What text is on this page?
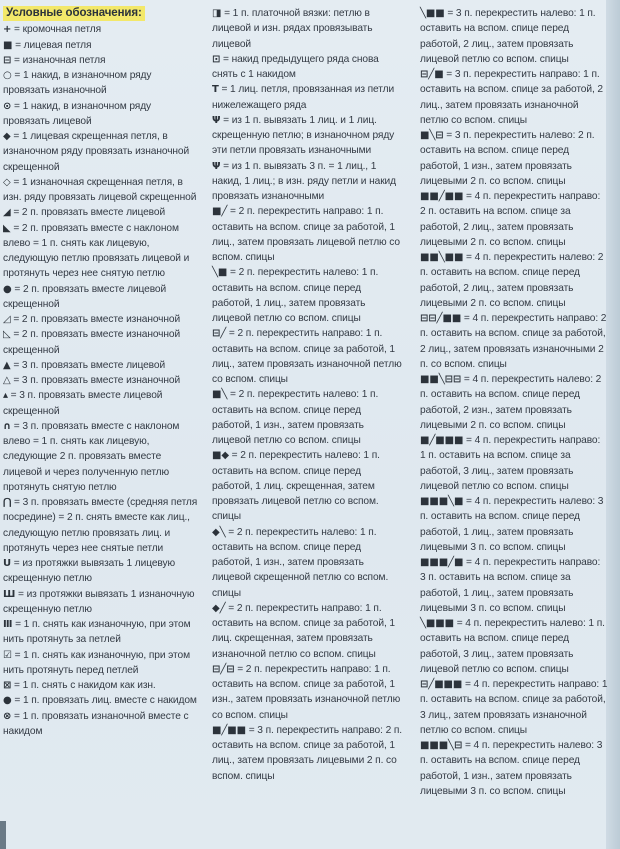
Условные обозначения:

+ = кромочная петля

■ = лицевая петля

⊟ = изнаночная петля

○ = 1 накид, в изнаночном ряду провязать изнаночной

⊙ = 1 накид, в изнаночном ряду провязать лицевой

◆ = 1 лицевая скрещенная петля, в изнаночном ряду провязать изнаночной скрещенной

◇ = 1 изнаночная скрещенная петля, в изн. ряду провязать лицевой скрещенной

◢ = 2 п. провязать вместе лицевой

◣ = 2 п. провязать вместе с наклоном влево = 1 п. снять как лицевую, следующую петлю провязать лицевой и протянуть через нее снятую петлю

● = 2 п. провязать вместе лицевой скрещенной

◿ = 2 п. провязать вместе изнаночной

◺ = 2 п. провязать вместе изнаночной скрещенной

▲ = 3 п. провязать вместе лицевой

△ = 3 п. провязать вместе изнаночной

▴ = 3 п. провязать вместе лицевой скрещенной

∩ = 3 п. провязать вместе с наклоном влево = 1 п. снять как лицевую, следующие 2 п. провязать вместе лицевой и через полученную петлю протянуть снятую петлю

⋂ = 3 п. провязать вместе (средняя петля посредине) = 2 п. снять вместе как лиц., следующую петлю провязать лиц. и протянуть через нее снятые петли

U = из протяжки вывязать 1 лицевую скрещенную петлю

Ш = из протяжки вывязать 1 изнаночную скрещенную петлю

Ⅲ = 1 п. снять как изнаночную, при этом нить протянуть за петлей

☑ = 1 п. снять как изнаночную, при этом нить протянуть перед петлей

⊠ = 1 п. снять с накидом как изн.

● = 1 п. провязать лиц. вместе с накидом

⊗ = 1 п. провязать изнаночной вместе с накидом

◨ = 1 п. платочной вязки: петлю в лицевой и изн. рядах провязывать лицевой

⊡ = накид предыдущего ряда снова снять с 1 накидом

T = 1 лиц. петля, провязанная из петли нижележащего ряда

Ψ = из 1 п. вывязать 1 лиц. и 1 лиц. скрещенную петлю; в изнаночном ряду эти петли провязать изнаночными

Ψ = из 1 п. вывязать 3 п. = 1 лиц., 1 накид, 1 лиц.; в изн. ряду петли и накид провязать изнаночными

■╱ = 2 п. перекрестить направо: 1 п. оставить на вспом. спице за работой, 1 лиц., затем провязать лицевой петлю со вспом. спицы

╲■ = 2 п. перекрестить налево: 1 п. оставить на вспом. спице перед работой, 1 лиц., затем провязать лицевой петлю со вспом. спицы

⊟╱ = 2 п. перекрестить направо: 1 п. оставить на вспом. спице за работой, 1 лиц., затем провязать изнаночной петлю со вспом. спицы

■╲ = 2 п. перекрестить налево: 1 п. оставить на вспом. спице перед работой, 1 изн., затем провязать лицевой петлю со вспом. спицы

■◆ = 2 п. перекрестить налево: 1 п. оставить на вспом. спице перед работой, 1 лиц. скрещенная, затем провязать лицевой петлю со вспом. спицы

◆╲ = 2 п. перекрестить налево: 1 п. оставить на вспом. спице перед работой, 1 изн., затем провязать лицевой скрещенной петлю со вспом. спицы

◆╱ = 2 п. перекрестить направо: 1 п. оставить на вспом. спице за работой, 1 лиц. скрещенная, затем провязать изнаночной петлю со вспом. спицы

⊟╱⊟ = 2 п. перекрестить направо: 1 п. оставить на вспом. спице за работой, 1 изн., затем провязать изнаночной петлю со вспом. спицы

■╱■■ = 3 п. перекрестить направо: 2 п. оставить на вспом. спице за работой, 1 лиц., затем провязать лицевыми 2 п. со вспом. спицы

╲■■ = 3 п. перекрестить налево: 1 п. оставить на вспом. спице перед работой, 2 лиц., затем провязать лицевой петлю со вспом. спицы

⊟╱■ = 3 п. перекрестить направо: 1 п. оставить на вспом. спице за работой, 2 лиц., затем провязать изнаночной петлю со вспом. спицы

■╲⊟ = 3 п. перекрестить налево: 2 п. оставить на вспом. спице перед работой, 1 изн., затем провязать лицевыми 2 п. со вспом. спицы

■■╱■■ = 4 п. перекрестить направо: 2 п. оставить на вспом. спице за работой, 2 лиц., затем провязать лицевыми 2 п. со вспом. спицы

■■╲■■ = 4 п. перекрестить налево: 2 п. оставить на вспом. спице перед работой, 2 лиц., затем провязать лицевыми 2 п. со вспом. спицы

⊟⊟╱■■ = 4 п. перекрестить направо: 2 п. оставить на вспом. спице за работой, 2 лиц., затем провязать изнаночными 2 п. со вспом. спицы

■■╲⊟⊟ = 4 п. перекрестить налево: 2 п. оставить на вспом. спице перед работой, 2 изн., затем провязать лицевыми 2 п. со вспом. спицы

■╱■■■ = 4 п. перекрестить направо: 1 п. оставить на вспом. спице за работой, 3 лиц., затем провязать лицевой петлю со вспом. спицы

■■■╲■ = 4 п. перекрестить налево: 3 п. оставить на вспом. спице перед работой, 1 лиц., затем провязать лицевыми 3 п. со вспом. спицы

■■■╱■ = 4 п. перекрестить направо: 3 п. оставить на вспом. спице за работой, 1 лиц., затем провязать лицевыми 3 п. со вспом. спицы

╲■■■ = 4 п. перекрестить налево: 1 п. оставить на вспом. спице перед работой, 3 лиц., затем провязать лицевой петлю со вспом. спицы

⊟╱■■■ = 4 п. перекрестить направо: 1 п. оставить на вспом. спице за работой, 3 лиц., затем провязать изнаночной петлю со вспом. спицы

■■■╲⊟ = 4 п. перекрестить налево: 3 п. оставить на вспом. спице перед работой, 1 изн., затем провязать лицевыми 3 п. со вспом. спицы
